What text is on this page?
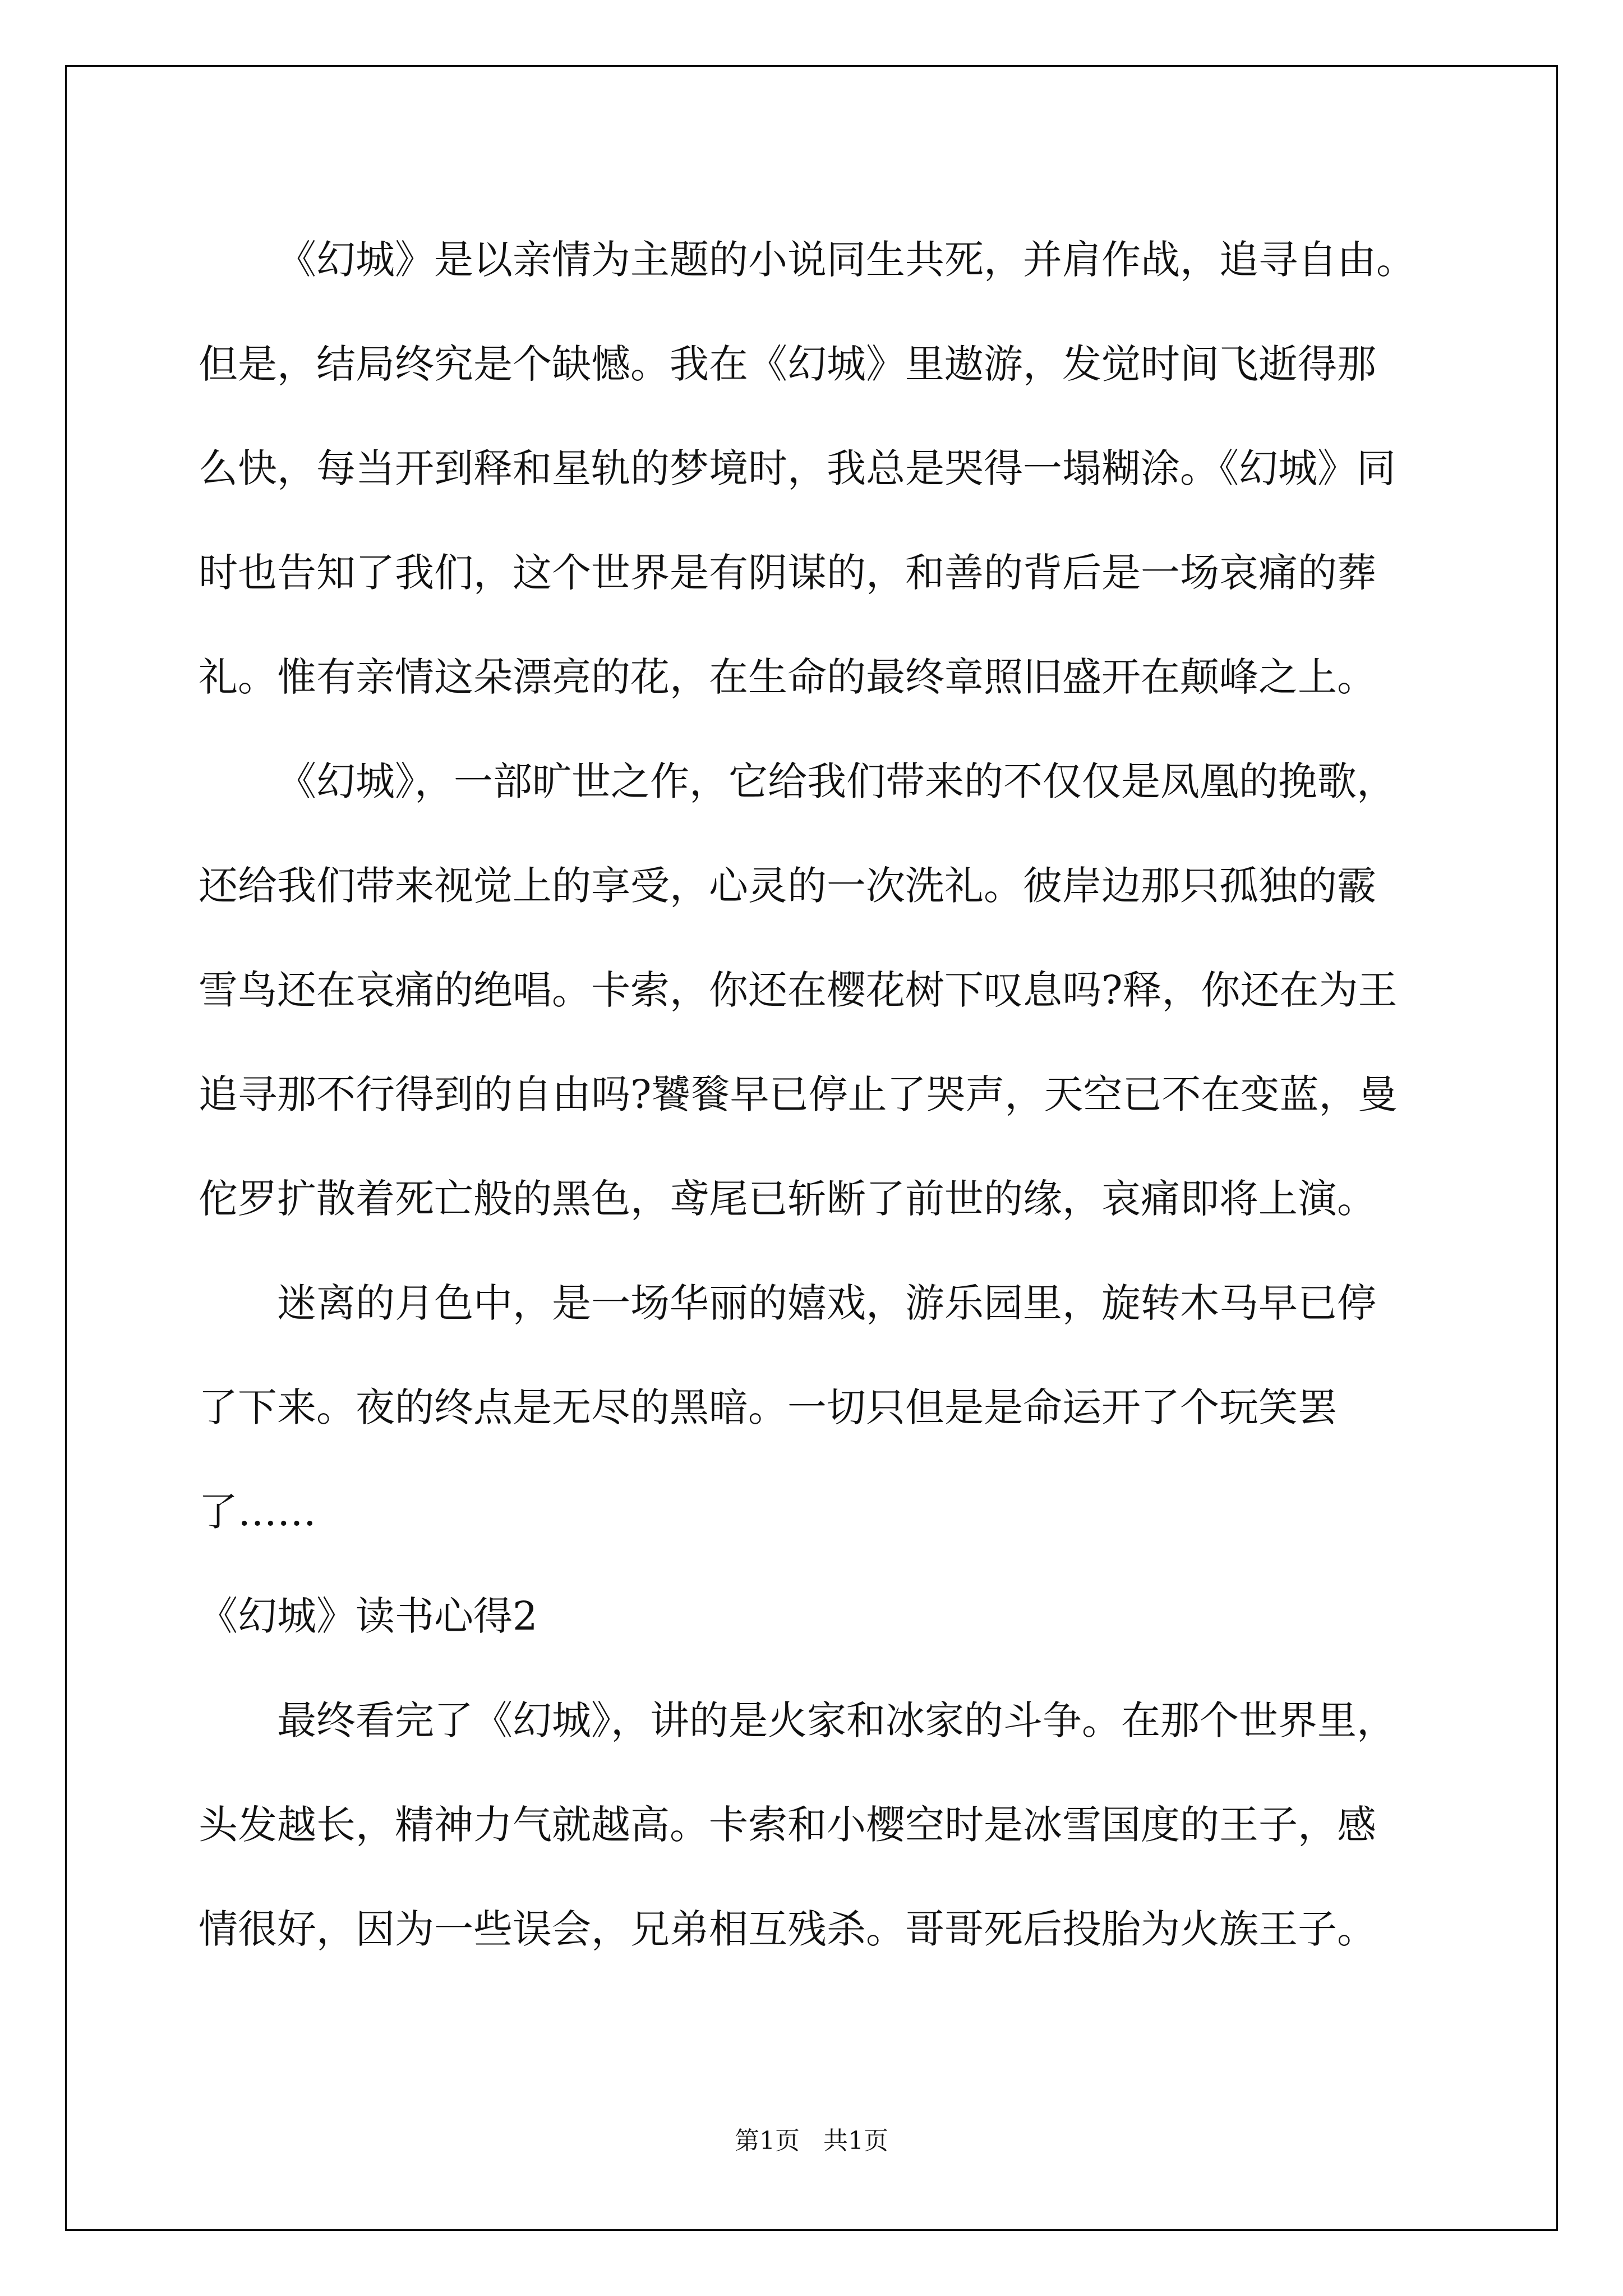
《幻城》是以亲情为主题的小说同生共死，并肩作战，追寻自由。
但是，结局终究是个缺憾。我在《幻城》里遨游，发觉时间飞逝得那
么快，每当开到释和星轨的梦境时，我总是哭得一塌糊涂。《幻城》同
时也告知了我们，这个世界是有阴谋的，和善的背后是一场哀痛的葬
礼。惟有亲情这朵漂亮的花，在生命的最终章照旧盛开在颠峰之上。
《幻城》，一部旷世之作，它给我们带来的不仅仅是凤凰的挽歌，
还给我们带来视觉上的享受，心灵的一次洗礼。彼岸边那只孤独的霰
雪鸟还在哀痛的绝唱。卡索，你还在樱花树下叹息吗?释，你还在为王
追寻那不行得到的自由吗?饕餮早已停止了哭声，天空已不在变蓝，曼
佗罗扩散着死亡般的黑色，鸢尾已斩断了前世的缘，哀痛即将上演。
迷离的月色中，是一场华丽的嬉戏，游乐园里，旋转木马早已停
了下来。夜的终点是无尽的黑暗。一切只但是是命运开了个玩笑罢
了……
《幻城》读书心得2
最终看完了《幻城》，讲的是火家和冰家的斗争。在那个世界里，
头发越长，精神力气就越高。卡索和小樱空时是冰雪国度的王子，感
情很好，因为一些误会，兄弟相互残杀。哥哥死后投胎为火族王子。
第1页   共1页
